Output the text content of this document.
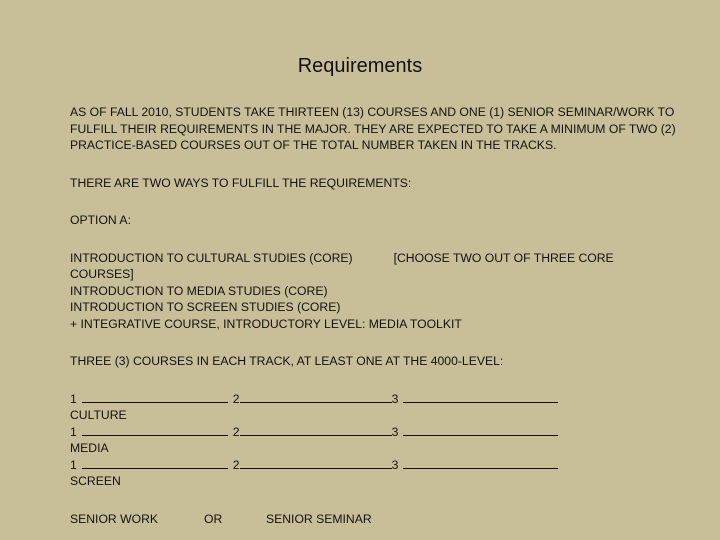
Requirements

AS OF FALL 2010, STUDENTS TAKE THIRTEEN (13) COURSES AND ONE (1) SENIOR SEMINAR/WORK TO FULFILL THEIR REQUIREMENTS IN THE MAJOR. THEY ARE EXPECTED TO TAKE A MINIMUM OF TWO (2) PRACTICE-BASED COURSES OUT OF THE TOTAL NUMBER TAKEN IN THE TRACKS.

THERE ARE TWO WAYS TO FULFILL THE REQUIREMENTS:

OPTION A:

INTRODUCTION TO CULTURAL STUDIES (CORE)	[CHOOSE TWO OUT OF THREE CORE
COURSES]
INTRODUCTION TO MEDIA STUDIES (CORE)
INTRODUCTION TO SCREEN STUDIES (CORE)
+ INTEGRATIVE COURSE, INTRODUCTORY LEVEL: MEDIA TOOLKIT

THREE (3) COURSES IN EACH TRACK, AT LEAST ONE AT THE 4000-LEVEL:

1	2	3
CULTURE
1	2	3
MEDIA
1	2	3
SCREEN
SENIOR WORK	OR	SENIOR SEMINAR
